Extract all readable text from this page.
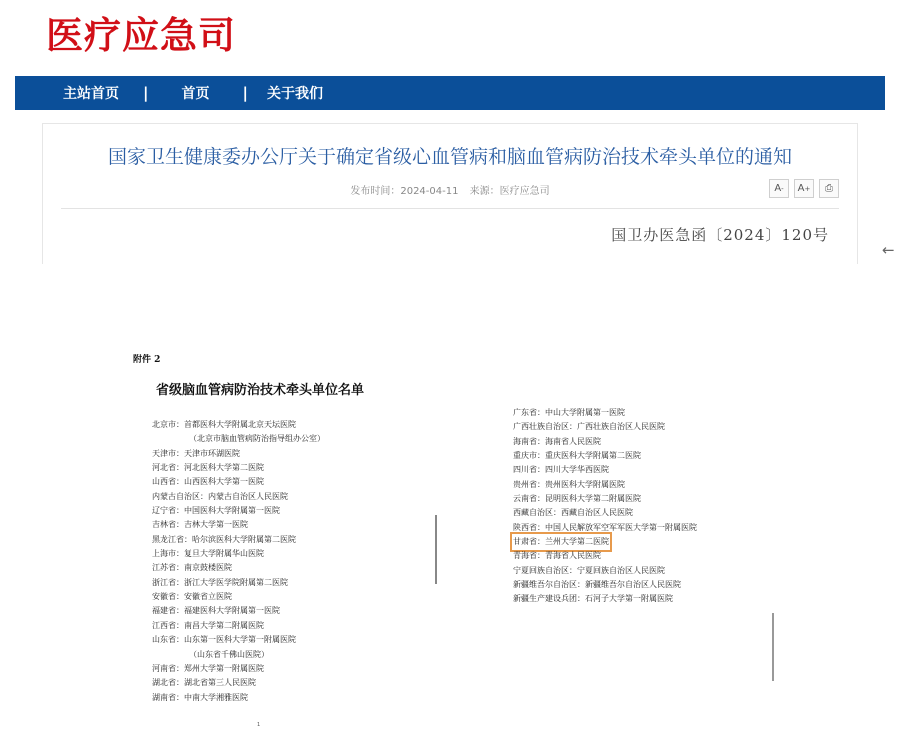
医疗应急司
主站首页 | 首页 | 关于我们
国家卫生健康委办公厅关于确定省级心血管病和脑血管病防治技术牵头单位的通知
发布时间：2024-04-11 来源：医疗应急司	A - A + ⎙
国卫办医急函〔2024〕120号
←
附件 2
省级脑血管病防治技术牵头单位名单
北京市：首都医科大学附属北京天坛医院
（北京市脑血管病防治指导组办公室）
天津市：天津市环湖医院
河北省：河北医科大学第二医院
山西省：山西医科大学第一医院
内蒙古自治区：内蒙古自治区人民医院
辽宁省：中国医科大学附属第一医院
吉林省：吉林大学第一医院
黑龙江省：哈尔滨医科大学附属第二医院
上海市：复旦大学附属华山医院
江苏省：南京鼓楼医院
浙江省：浙江大学医学院附属第二医院
安徽省：安徽省立医院
福建省：福建医科大学附属第一医院
江西省：南昌大学第二附属医院
山东省：山东第一医科大学第一附属医院
（山东省千佛山医院）
河南省：郑州大学第一附属医院
湖北省：湖北省第三人民医院
湖南省：中南大学湘雅医院
广东省：中山大学附属第一医院
广西壮族自治区：广西壮族自治区人民医院
海南省：海南省人民医院
重庆市：重庆医科大学附属第二医院
四川省：四川大学华西医院
贵州省：贵州医科大学附属医院
云南省：昆明医科大学第二附属医院
西藏自治区：西藏自治区人民医院
陕西省：中国人民解放军空军军医大学第一附属医院
甘肃省：兰州大学第二医院
青海省：青海省人民医院
宁夏回族自治区：宁夏回族自治区人民医院
新疆维吾尔自治区：新疆维吾尔自治区人民医院
新疆生产建设兵团：石河子大学第一附属医院
1
